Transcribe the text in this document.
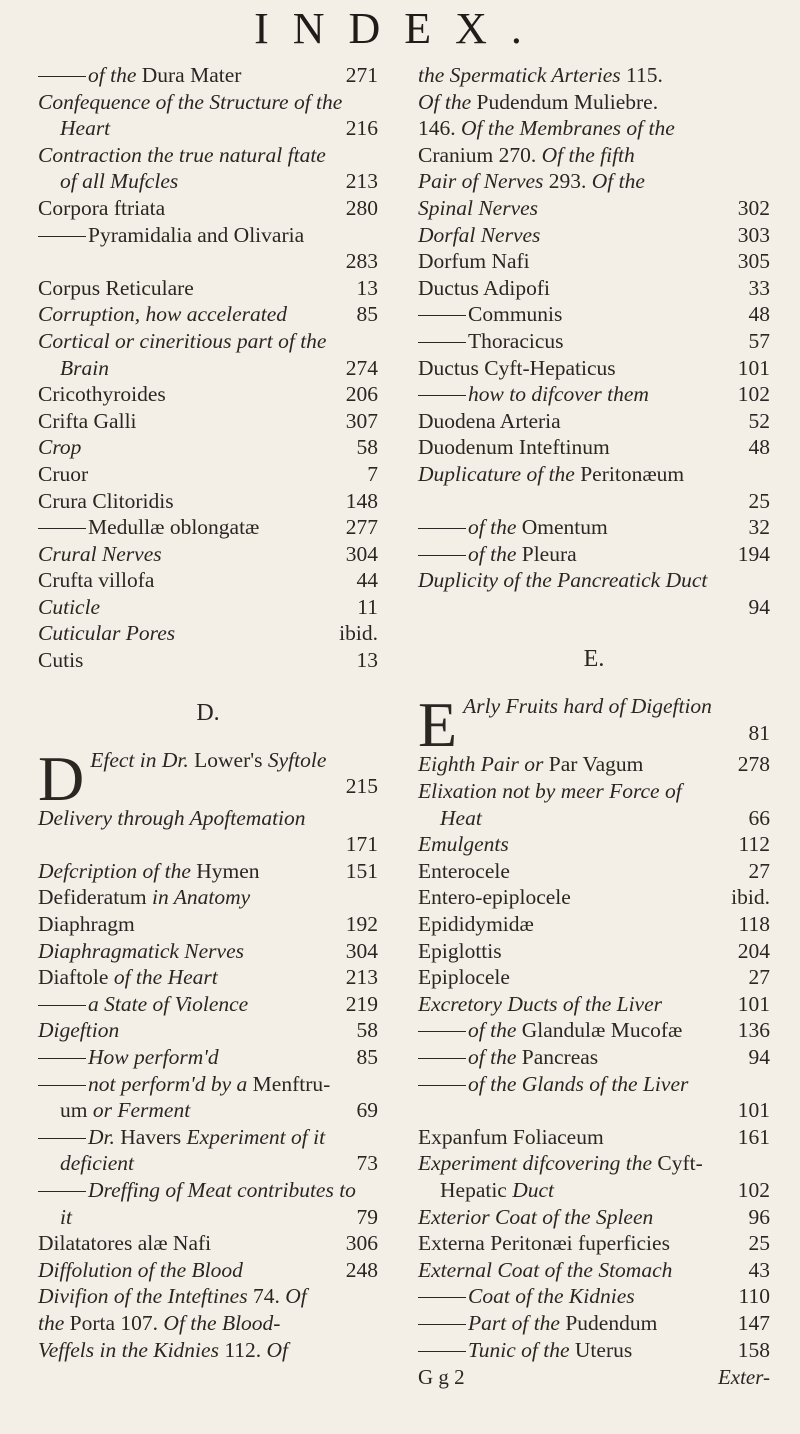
INDEX.
of the Dura Mater	271
Confequence of the Structure of the
Heart	216
Contraction the true natural ftate
of all Mufcles	213
Corpora ftriata	280
Pyramidalia and Olivaria
283
Corpus Reticulare	13
Corruption, how accelerated	85
Cortical or cineritious part of the
Brain	274
Cricothyroides	206
Crifta Galli	307
Crop	58
Cruor	7
Crura Clitoridis	148
Medullæ oblongatæ	277
Crural Nerves	304
Crufta villofa	44
Cuticle	11
Cuticular Pores	ibid.
Cutis	13
D.
D Efect in Dr. Lower's Syftole
215
Delivery through Apoftemation
171
Defcription of the Hymen	151
Defideratum in Anatomy
Diaphragm	192
Diaphragmatick Nerves	304
Diaftole of the Heart	213
a State of Violence	219
Digeftion	58
How perform'd	85
not perform'd by a Menftru-
um or Ferment	69
Dr. Havers Experiment of it
deficient	73
Dreffing of Meat contributes to
it	79
Dilatatores alæ Nafi	306
Diffolution of the Blood	248
Divifion of the Inteftines 74. Of
the Porta 107. Of the Blood-
Veffels in the Kidnies 112. Of
the Spermatick Arteries 115.
Of the Pudendum Muliebre.
146. Of the Membranes of the
Cranium 270. Of the fifth
Pair of Nerves 293. Of the
Spinal Nerves	302
Dorfal Nerves	303
Dorfum Nafi	305
Ductus Adipofi	33
Communis	48
Thoracicus	57
Ductus Cyft-Hepaticus	101
how to difcover them	102
Duodena Arteria	52
Duodenum Inteftinum	48
Duplicature of the Peritonæum
25
of the Omentum	32
of the Pleura	194
Duplicity of the Pancreatick Duct
94
E.
E Arly Fruits hard of Digeftion
81
Eighth Pair or Par Vagum	278
Elixation not by meer Force of
Heat	66
Emulgents	112
Enterocele	27
Entero-epiplocele	ibid.
Epididymidæ	118
Epiglottis	204
Epiplocele	27
Excretory Ducts of the Liver	101
of the Glandulæ Mucofæ	136
of the Pancreas	94
of the Glands of the Liver
101
Expanfum Foliaceum	161
Experiment difcovering the Cyft-
Hepatic Duct	102
Exterior Coat of the Spleen	96
Externa Peritonæi fuperficies	25
External Coat of the Stomach	43
Coat of the Kidnies	110
Part of the Pudendum	147
Tunic of the Uterus	158
G g 2	Exter-
